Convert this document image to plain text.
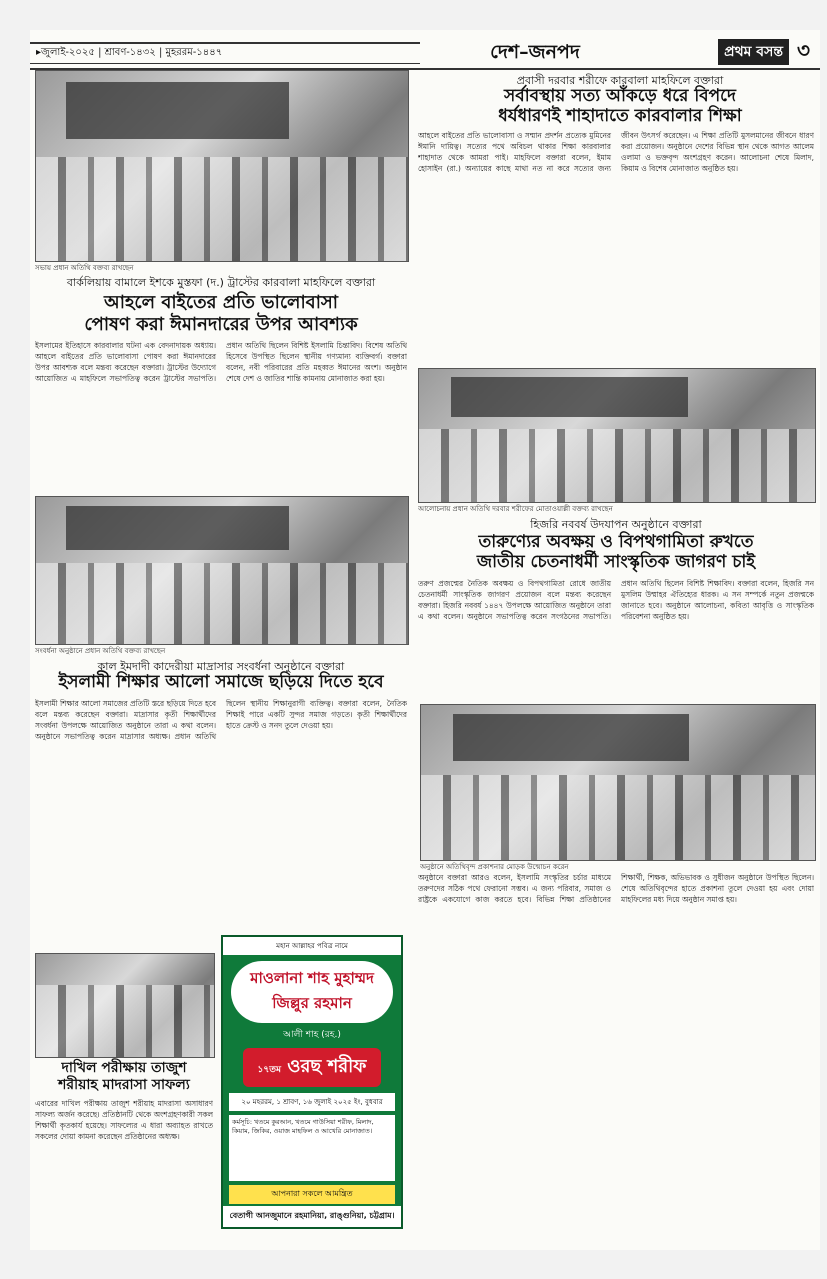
▸জুলাই-২০২৫ | শ্রাবণ-১৪৩২ | মুহররম-১৪৪৭	দেশ–জনপদ	প্রথম বসন্ত ৩
প্রবাসী দরবার শরীফে কারবালা মাহফিলে বক্তারা
সর্বাবস্থায় সত্য আঁকড়ে ধরে বিপদে
ধর্যধারণই শাহাদাতে কারবালার শিক্ষা
আহলে বাইতের প্রতি ভালোবাসা ও সম্মান প্রদর্শন প্রত্যেক মুমিনের ঈমানি দায়িত্ব। সত্যের পথে অবিচল থাকার শিক্ষা কারবালার শাহাদাত থেকে আমরা পাই। মাহফিলে বক্তারা বলেন, ইমাম হোসাইন (রা.) অন্যায়ের কাছে মাথা নত না করে সত্যের জন্য জীবন উৎসর্গ করেছেন। এ শিক্ষা প্রতিটি মুসলমানের জীবনে ধারণ করা প্রয়োজন। অনুষ্ঠানে দেশের বিভিন্ন স্থান থেকে আগত আলেম ওলামা ও ভক্তবৃন্দ অংশগ্রহণ করেন। আলোচনা শেষে মিলাদ, কিয়াম ও বিশেষ মোনাজাত অনুষ্ঠিত হয়।
আলোচনায় প্রধান অতিথি দরবার শরীফের মোতাওয়াল্লী বক্তব্য রাখছেন
সভায় প্রধান অতিথি বক্তব্য রাখছেন
বার্কলিয়ায় বামালে ইশকে মুস্তফা (দ.) ট্রাস্টের কারবালা মাহফিলে বক্তারা
আহলে বাইতের প্রতি ভালোবাসা
পোষণ করা ঈমানদারের উপর আবশ্যক
ইসলামের ইতিহাসে কারবালার ঘটনা এক বেদনাদায়ক অধ্যায়। আহলে বাইতের প্রতি ভালোবাসা পোষণ করা ঈমানদারের উপর আবশ্যক বলে মন্তব্য করেছেন বক্তারা। ট্রাস্টের উদ্যোগে আয়োজিত এ মাহফিলে সভাপতিত্ব করেন ট্রাস্টের সভাপতি। প্রধান অতিথি ছিলেন বিশিষ্ট ইসলামি চিন্তাবিদ। বিশেষ অতিথি হিসেবে উপস্থিত ছিলেন স্থানীয় গণ্যমান্য ব্যক্তিবর্গ। বক্তারা বলেন, নবী পরিবারের প্রতি মহব্বত ঈমানের অংশ। অনুষ্ঠান শেষে দেশ ও জাতির শান্তি কামনায় মোনাজাত করা হয়।
সংবর্ধনা অনুষ্ঠানে প্রধান অতিথি বক্তব্য রাখছেন
কাল ইমদাদী কাদেরীয়া মাদ্রাসার সংবর্ধনা অনুষ্ঠানে বক্তারা
ইসলামী শিক্ষার আলো সমাজে ছড়িয়ে দিতে হবে
ইসলামী শিক্ষার আলো সমাজের প্রতিটি স্তরে ছড়িয়ে দিতে হবে বলে মন্তব্য করেছেন বক্তারা। মাদ্রাসার কৃতী শিক্ষার্থীদের সংবর্ধনা উপলক্ষে আয়োজিত অনুষ্ঠানে তারা এ কথা বলেন। অনুষ্ঠানে সভাপতিত্ব করেন মাদ্রাসার অধ্যক্ষ। প্রধান অতিথি ছিলেন স্থানীয় শিক্ষানুরাগী ব্যক্তিত্ব। বক্তারা বলেন, নৈতিক শিক্ষাই পারে একটি সুন্দর সমাজ গড়তে। কৃতী শিক্ষার্থীদের হাতে ক্রেস্ট ও সনদ তুলে দেওয়া হয়।
হিজরি নববর্ষ উদযাপন অনুষ্ঠানে বক্তারা
তারুণ্যের অবক্ষয় ও বিপথগামিতা রুখতে
জাতীয় চেতনাধর্মী সাংস্কৃতিক জাগরণ চাই
তরুণ প্রজন্মের নৈতিক অবক্ষয় ও বিপথগামিতা রোধে জাতীয় চেতনাধর্মী সাংস্কৃতিক জাগরণ প্রয়োজন বলে মন্তব্য করেছেন বক্তারা। হিজরি নববর্ষ ১৪৪৭ উপলক্ষে আয়োজিত অনুষ্ঠানে তারা এ কথা বলেন। অনুষ্ঠানে সভাপতিত্ব করেন সংগঠনের সভাপতি। প্রধান অতিথি ছিলেন বিশিষ্ট শিক্ষাবিদ। বক্তারা বলেন, হিজরি সন মুসলিম উম্মাহর ঐতিহ্যের ধারক। এ সন সম্পর্কে নতুন প্রজন্মকে জানাতে হবে। অনুষ্ঠানে আলোচনা, কবিতা আবৃত্তি ও সাংস্কৃতিক পরিবেশনা অনুষ্ঠিত হয়।
অনুষ্ঠানে অতিথিবৃন্দ প্রকাশনার মোড়ক উন্মোচন করেন
অনুষ্ঠানে বক্তারা আরও বলেন, ইসলামি সংস্কৃতির চর্চার মাধ্যমে তরুণদের সঠিক পথে ফেরানো সম্ভব। এ জন্য পরিবার, সমাজ ও রাষ্ট্রকে একযোগে কাজ করতে হবে। বিভিন্ন শিক্ষা প্রতিষ্ঠানের শিক্ষার্থী, শিক্ষক, অভিভাবক ও সুধীজন অনুষ্ঠানে উপস্থিত ছিলেন। শেষে অতিথিবৃন্দের হাতে প্রকাশনা তুলে দেওয়া হয় এবং দোয়া মাহফিলের মধ্য দিয়ে অনুষ্ঠান সমাপ্ত হয়।
দাখিল পরীক্ষায় তাজুশ
শরীয়াহ মাদরাসা সাফল্য
এবারের দাখিল পরীক্ষায় তাজুশ শরীয়াহ মাদরাসা অসাধারণ সাফল্য অর্জন করেছে। প্রতিষ্ঠানটি থেকে অংশগ্রহণকারী সকল শিক্ষার্থী কৃতকার্য হয়েছে। সাফল্যের এ ধারা অব্যাহত রাখতে সকলের দোয়া কামনা করেছেন প্রতিষ্ঠানের অধ্যক্ষ।
মহান আল্লাহর পবিত্র নামে
মাওলানা শাহ মুহাম্মদ জিল্লুর রহমান
আলী শাহ (রহ.)
১৭তম ওরছ শরীফ
২০ মহররম, ১ শ্রাবণ, ১৬ জুলাই ২০২৫ ইং, বুধবার
কর্মসূচি: খতমে কুরআন, খতমে গাউসিয়া শরীফ, মিলাদ, কিয়াম, জিকির, ওয়াজ মাহফিল ও আখেরি মোনাজাত।
আপনারা সকলে আমন্ত্রিত
বেতাগী আনজুমানে রহমানিয়া, রাঙ্গুনিয়া, চট্টগ্রাম।
